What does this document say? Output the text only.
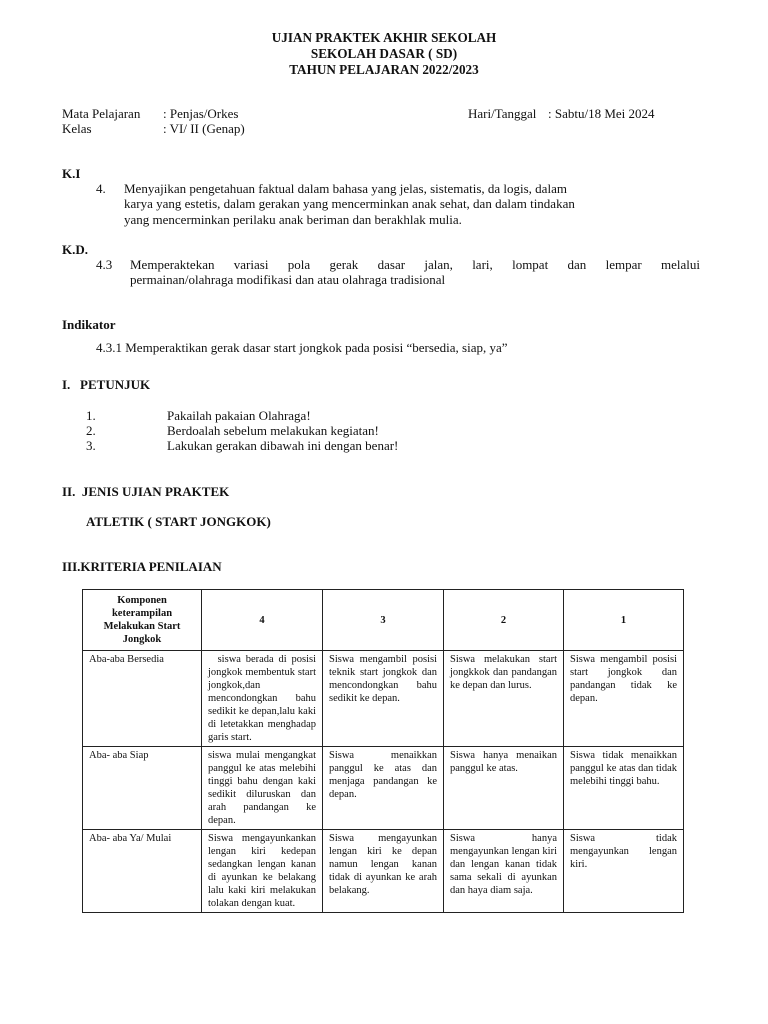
UJIAN PRAKTEK AKHIR SEKOLAH
SEKOLAH DASAR ( SD)
TAHUN PELAJARAN 2022/2023
Mata Pelajaran : Penjas/Orkes
Kelas	: VI/ II (Genap)
Hari/Tanggal : Sabtu/18 Mei 2024
K.I
4. Menyajikan pengetahuan faktual dalam bahasa yang jelas, sistematis, da logis, dalam
karya yang estetis, dalam gerakan yang mencerminkan anak sehat, dan dalam tindakan
yang mencerminkan perilaku anak beriman dan berakhlak mulia.
K.D.
4.3 Memperaktekan variasi pola gerak dasar jalan, lari, lompat dan lempar melalui
permainan/olahraga modifikasi dan atau olahraga tradisional
Indikator
4.3.1 Memperaktikan gerak dasar start jongkok pada posisi “bersedia, siap, ya”
I.   PETUNJUK
1.	Pakailah pakaian Olahraga!
2.	Berdoalah sebelum melakukan kegiatan!
3.	Lakukan gerakan dibawah ini dengan benar!
II.  JENIS UJIAN PRAKTEK
ATLETIK ( START JONGKOK)
III.KRITERIA PENILAIAN
Komponen keterampilan Melakukan Start Jongkok	4	3	2	1
Aba-aba Bersedia	siswa berada di posisi jongkok membentuk start jongkok,dan mencondongkan bahu sedikit ke depan,lalu kaki di letetakkan menghadap garis start.	Siswa mengambil posisi teknik start jongkok dan mencondongkan bahu sedikit ke depan.	Siswa melakukan start jongkkok dan pandangan ke depan dan lurus.	Siswa mengambil posisi start jongkok dan pandangan tidak ke depan.
Aba- aba Siap	siswa mulai mengangkat panggul ke atas melebihi tinggi bahu dengan kaki sedikit diluruskan dan arah pandangan ke depan.	Siswa menaikkan panggul ke atas dan menjaga pandangan ke depan.	Siswa hanya menaikan panggul ke atas.	Siswa tidak menaikkan panggul ke atas dan tidak melebihi tinggi bahu.
Aba- aba Ya/ Mulai	Siswa mengayunkankan lengan kiri kedepan sedangkan lengan kanan di ayunkan ke belakang lalu kaki kiri melakukan tolakan dengan kuat.	Siswa mengayunkan lengan kiri ke depan namun lengan kanan tidak di ayunkan ke arah belakang.	Siswa hanya mengayunkan lengan kiri dan lengan kanan tidak sama sekali di ayunkan dan haya diam saja.	Siswa tidak mengayunkan lengan kiri.
